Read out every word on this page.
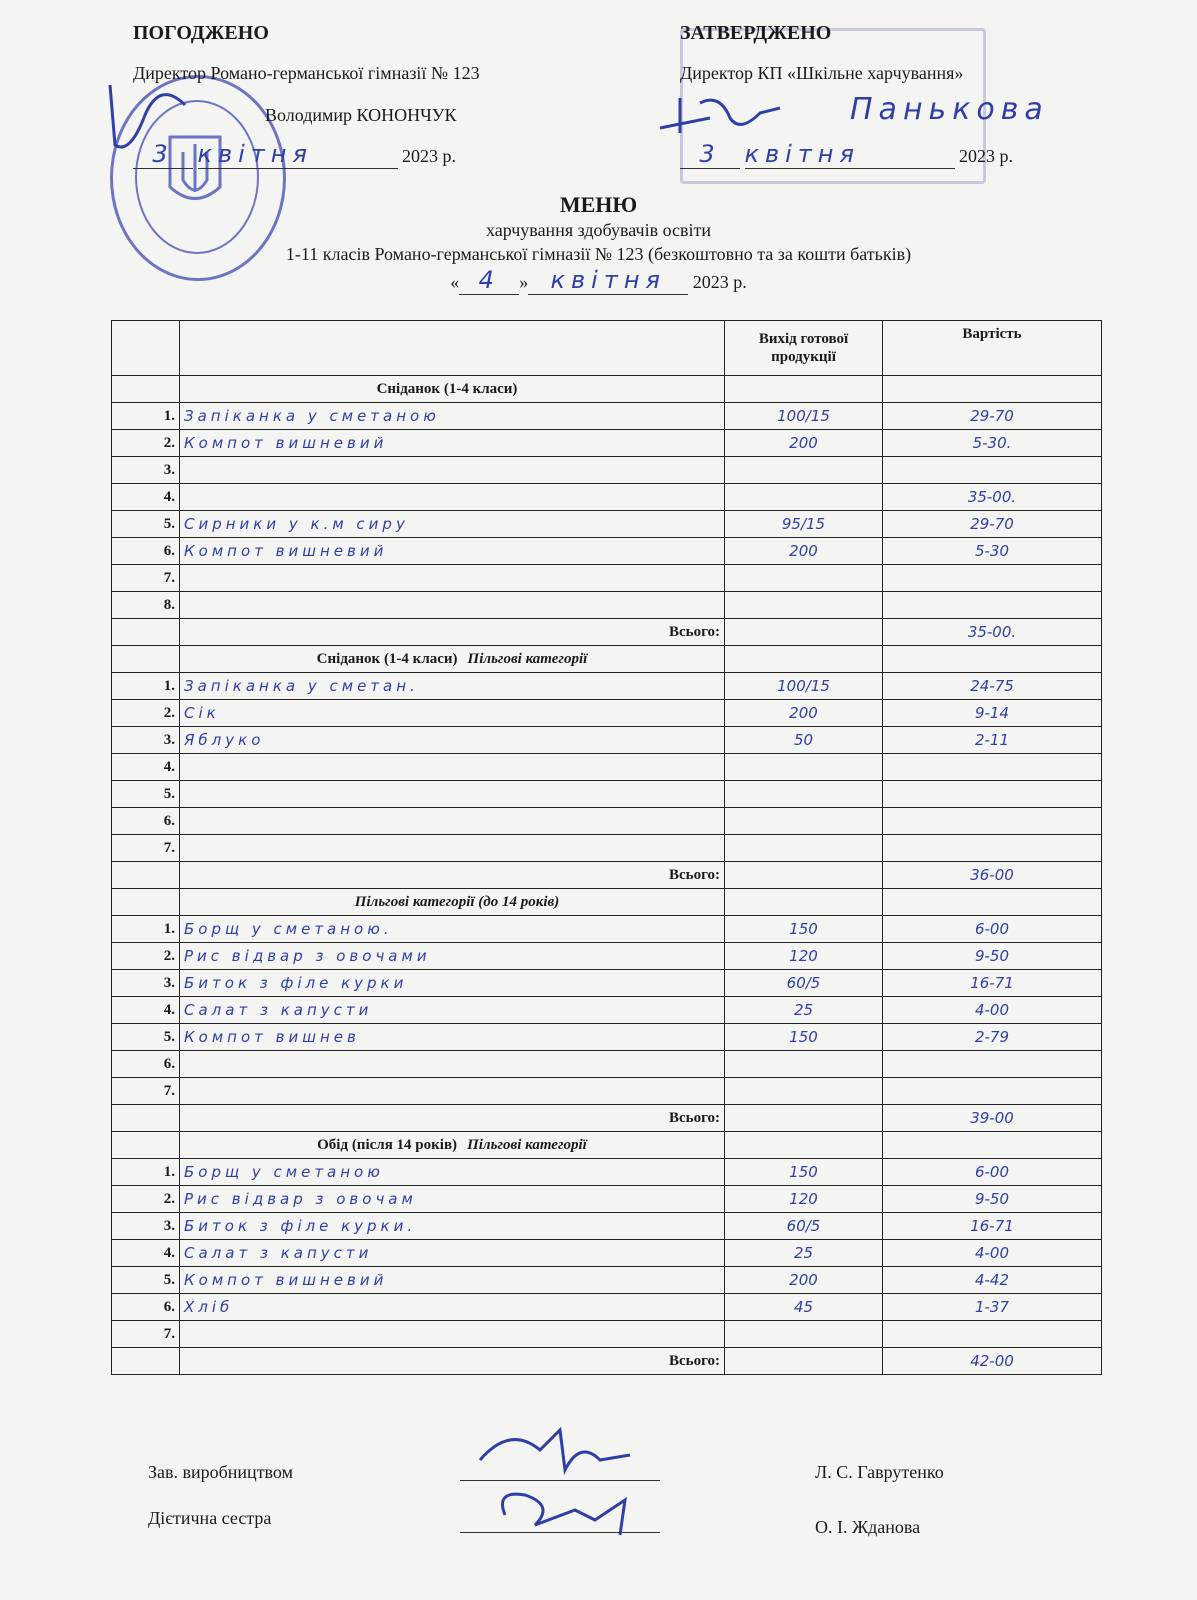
ПОГОДЖЕНО
Директор Романо-германської гімназії № 123
Володимир КОНОНЧУК
3 квітня	2023 р.
ЗАТВЕРДЖЕНО
Директор КП «Шкільне харчування»
Панькова
3 квітня	2023 р.
МЕНЮ
харчування здобувачів освіти
1-11 класів Романо-германської гімназії № 123 (безкоштовно та за кошти батьків)
« 4 » квітня 2023 р.
		Вихід готової продукції	Вартість
	Сніданок (1-4 класи)		
1.	Запіканка у сметаною	100/15	29-70
2.	Компот вишневий	200	5-30.
3.			
4.			35-00.
5.	Сирники у к.м сиру	95/15	29-70
6.	Компот вишневий	200	5-30
7.			
8.			
	Всього:		35-00.
	Сніданок (1-4 класи) Пільгові категорії		
1.	Запіканка у сметан.	100/15	24-75
2.	Сік	200	9-14
3.	Яблуко	50	2-11
4.			
5.			
6.			
7.			
	Всього:		36-00
	Пільгові категорії (до 14 років)		
1.	Борщ у сметаною.	150	6-00
2.	Рис відвар з овочами	120	9-50
3.	Биток з філе курки	60/5	16-71
4.	Салат з капусти	25	4-00
5.	Компот вишнев	150	2-79
6.			
7.			
	Всього:		39-00
	Обід (після 14 років) Пільгові категорії		
1.	Борщ у сметаною	150	6-00
2.	Рис відвар з овочам	120	9-50
3.	Биток з філе курки.	60/5	16-71
4.	Салат з капусти	25	4-00
5.	Компот вишневий	200	4-42
6.	Хліб	45	1-37
7.			
	Всього:		42-00
Зав. виробництвом	Л. С. Гаврутенко
Дієтична сестра	О. І. Жданова
